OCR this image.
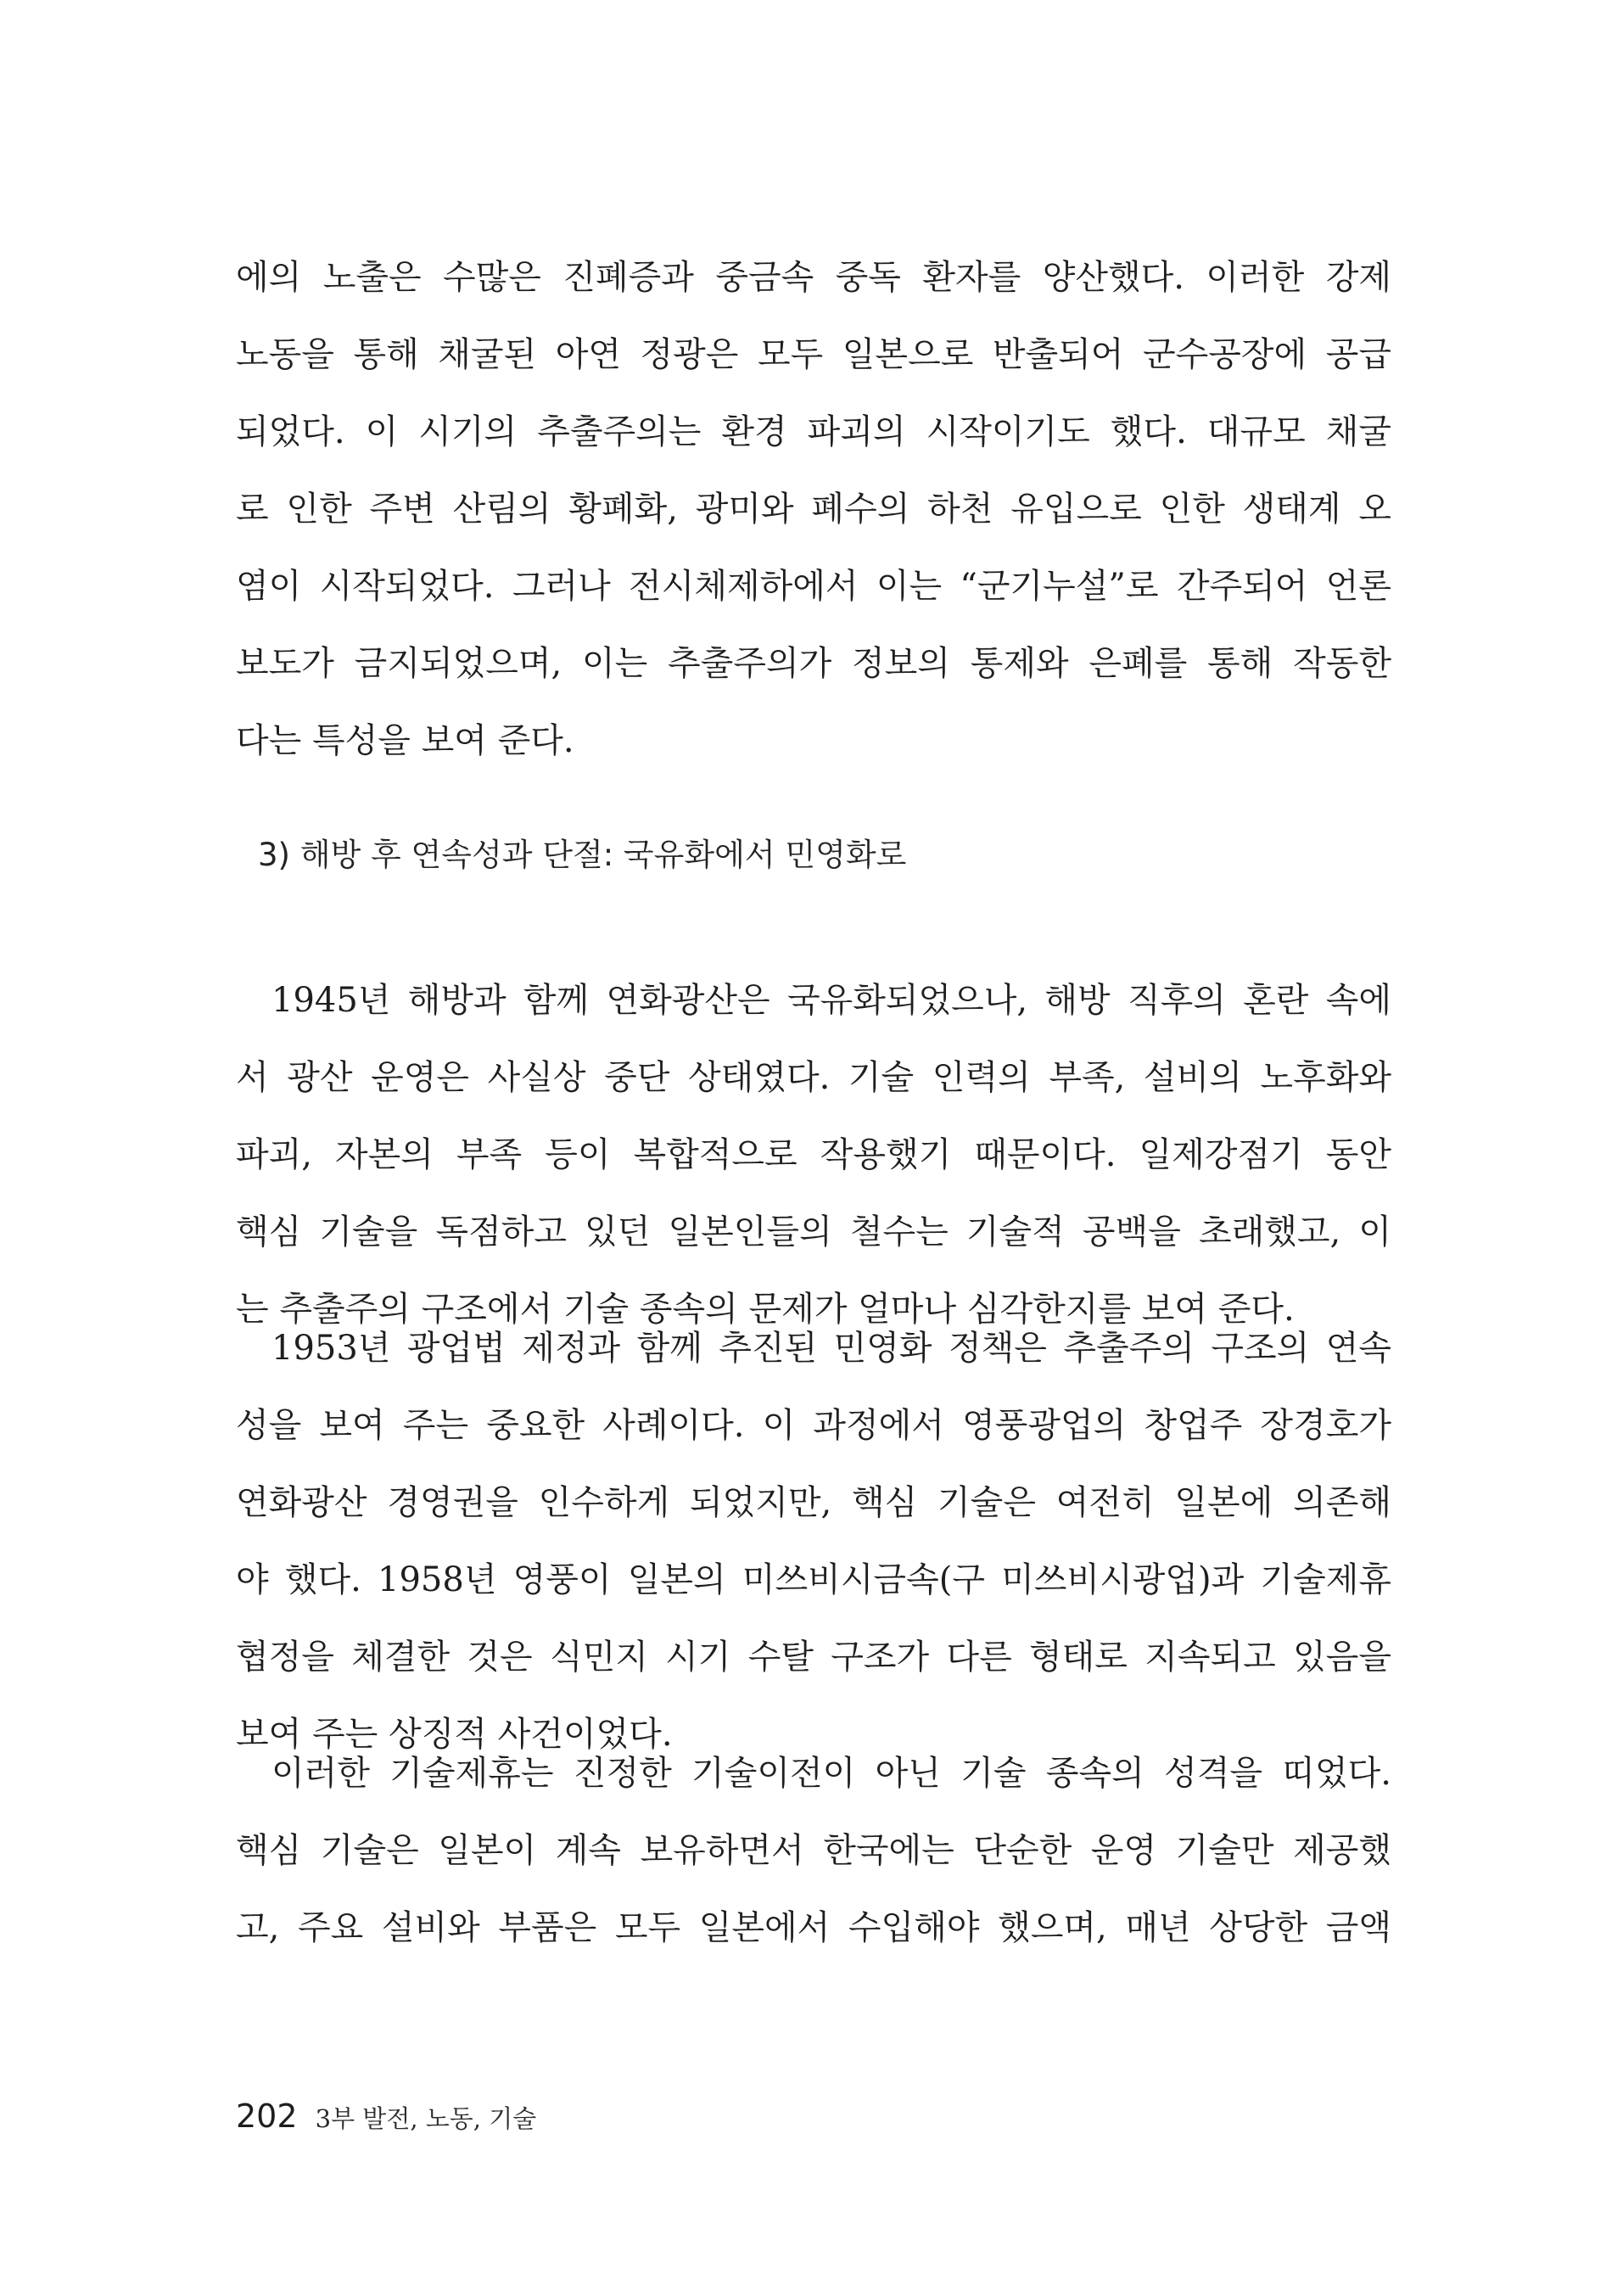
에의 노출은 수많은 진폐증과 중금속 중독 환자를 양산했다. 이러한 강제
노동을 통해 채굴된 아연 정광은 모두 일본으로 반출되어 군수공장에 공급
되었다. 이 시기의 추출주의는 환경 파괴의 시작이기도 했다. 대규모 채굴
로 인한 주변 산림의 황폐화, 광미와 폐수의 하천 유입으로 인한 생태계 오
염이 시작되었다. 그러나 전시체제하에서 이는 “군기누설”로 간주되어 언론
보도가 금지되었으며, 이는 추출주의가 정보의 통제와 은폐를 통해 작동한
다는 특성을 보여 준다.
3) 해방 후 연속성과 단절: 국유화에서 민영화로
1945년 해방과 함께 연화광산은 국유화되었으나, 해방 직후의 혼란 속에
서 광산 운영은 사실상 중단 상태였다. 기술 인력의 부족, 설비의 노후화와
파괴, 자본의 부족 등이 복합적으로 작용했기 때문이다. 일제강점기 동안
핵심 기술을 독점하고 있던 일본인들의 철수는 기술적 공백을 초래했고, 이
는 추출주의 구조에서 기술 종속의 문제가 얼마나 심각한지를 보여 준다.
1953년 광업법 제정과 함께 추진된 민영화 정책은 추출주의 구조의 연속
성을 보여 주는 중요한 사례이다. 이 과정에서 영풍광업의 창업주 장경호가
연화광산 경영권을 인수하게 되었지만, 핵심 기술은 여전히 일본에 의존해
야 했다. 1958년 영풍이 일본의 미쓰비시금속(구 미쓰비시광업)과 기술제휴
협정을 체결한 것은 식민지 시기 수탈 구조가 다른 형태로 지속되고 있음을
보여 주는 상징적 사건이었다.
이러한 기술제휴는 진정한 기술이전이 아닌 기술 종속의 성격을 띠었다.
핵심 기술은 일본이 계속 보유하면서 한국에는 단순한 운영 기술만 제공했
고, 주요 설비와 부품은 모두 일본에서 수입해야 했으며, 매년 상당한 금액
202 3부 발전, 노동, 기술
